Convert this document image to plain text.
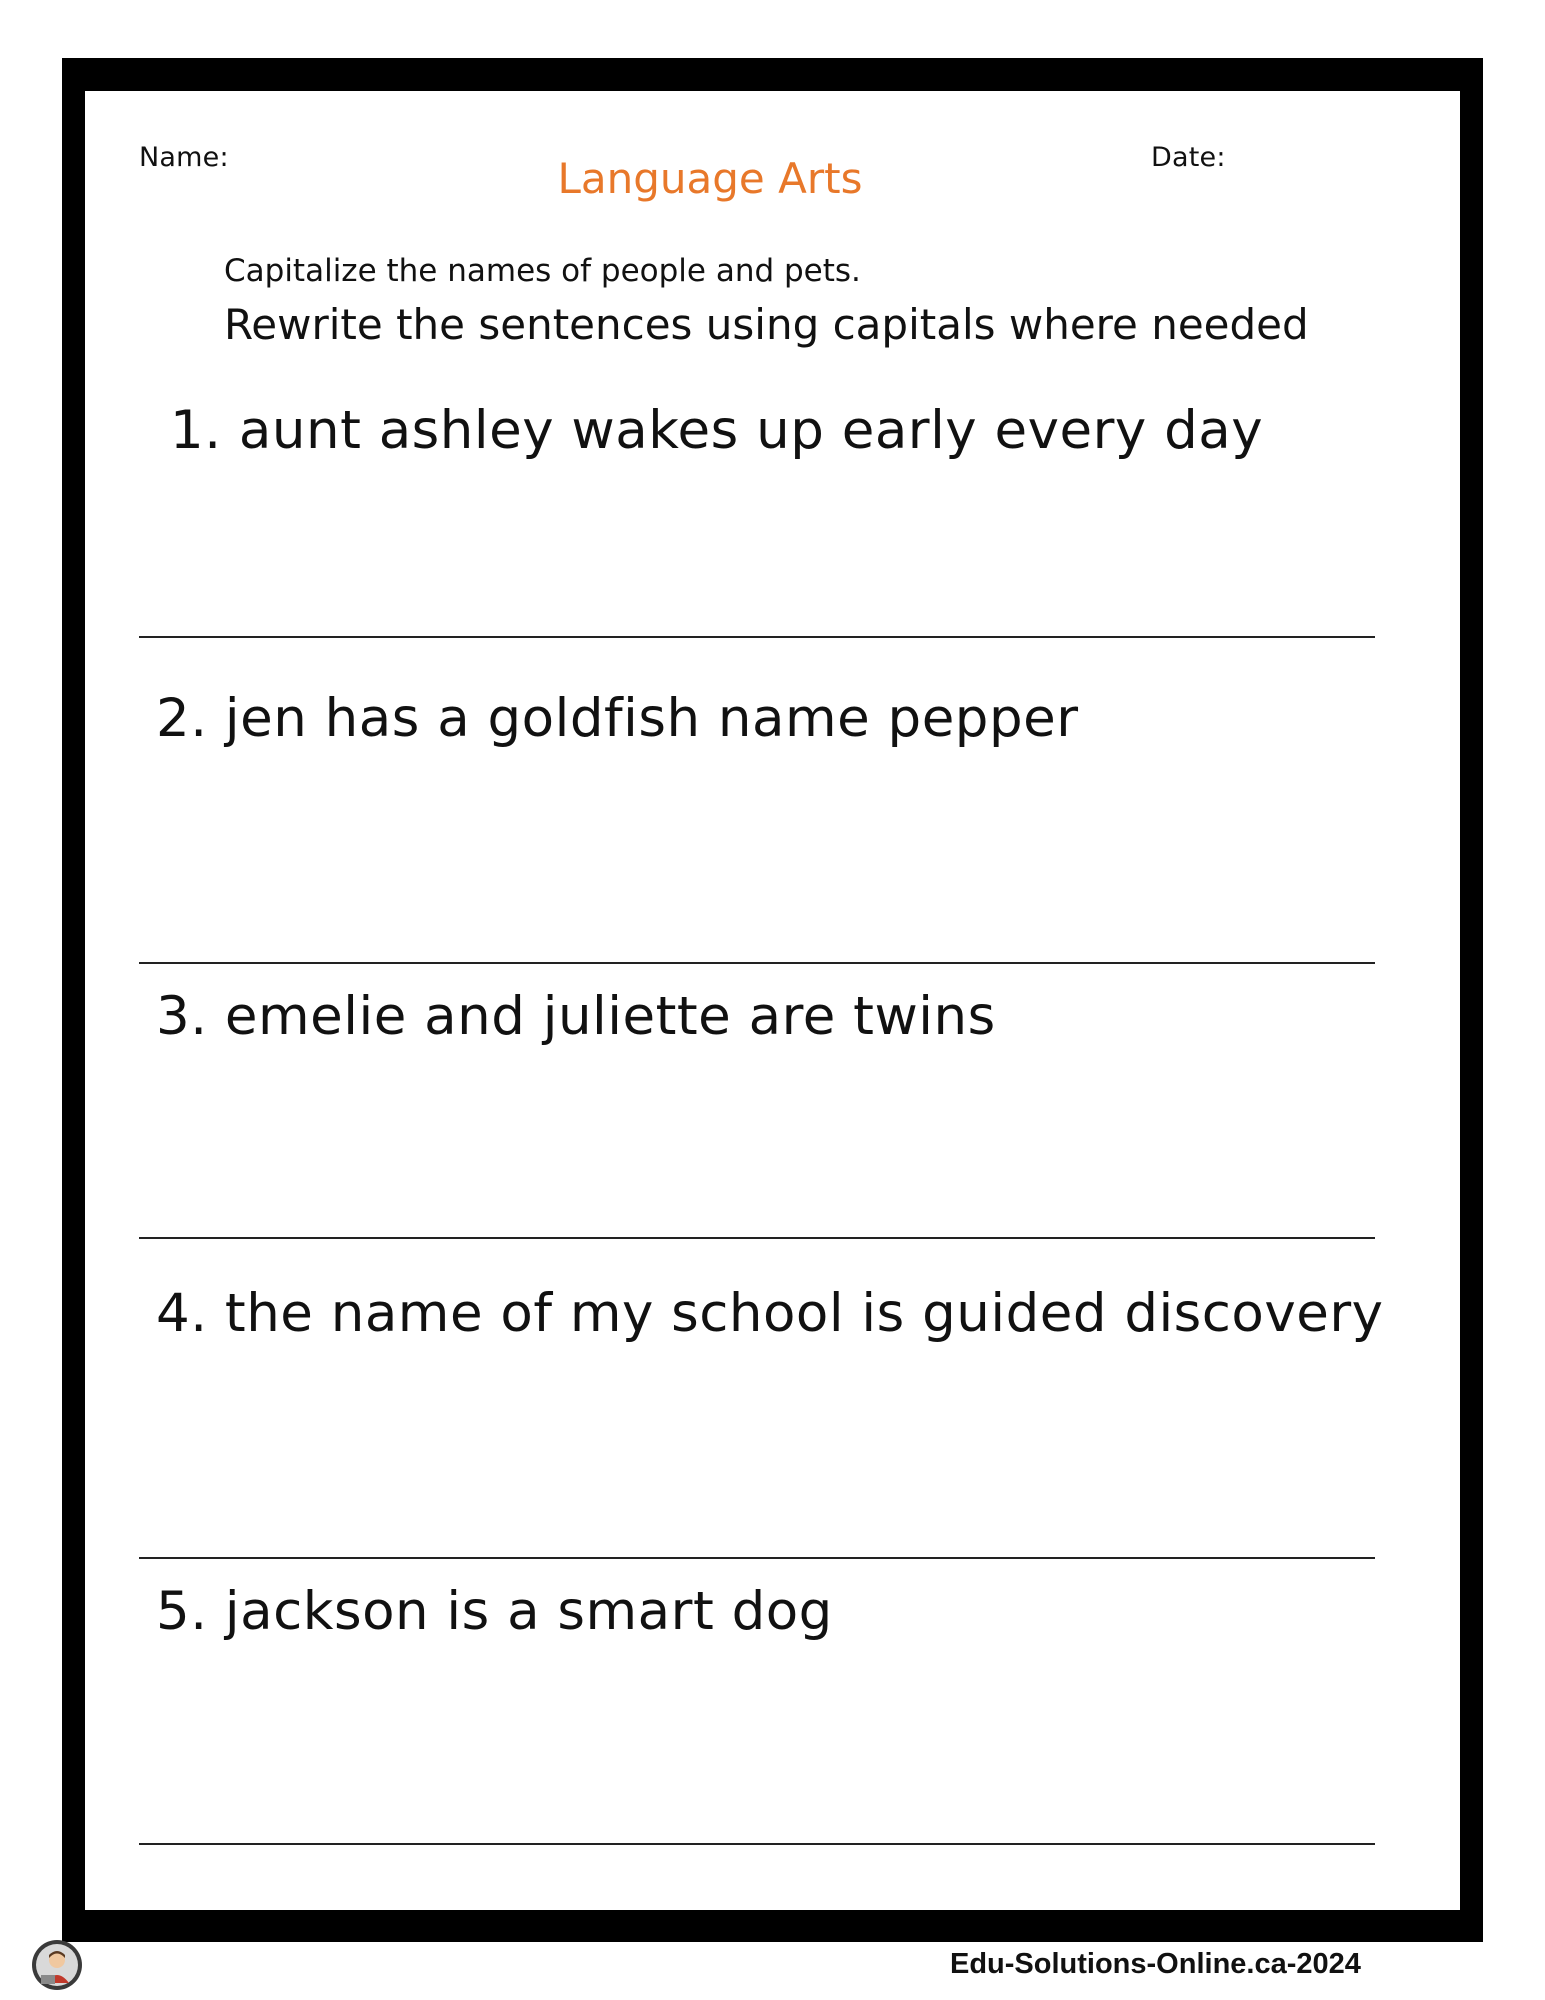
Name:	Date:
Language Arts
Capitalize the names of people and pets.
Rewrite the sentences using capitals where needed
1. aunt ashley wakes up early every day
2. jen has a goldfish name pepper
3. emelie and juliette are twins
4. the name of my school is guided discovery
5. jackson is a smart dog
Edu-Solutions-Online.ca-2024
